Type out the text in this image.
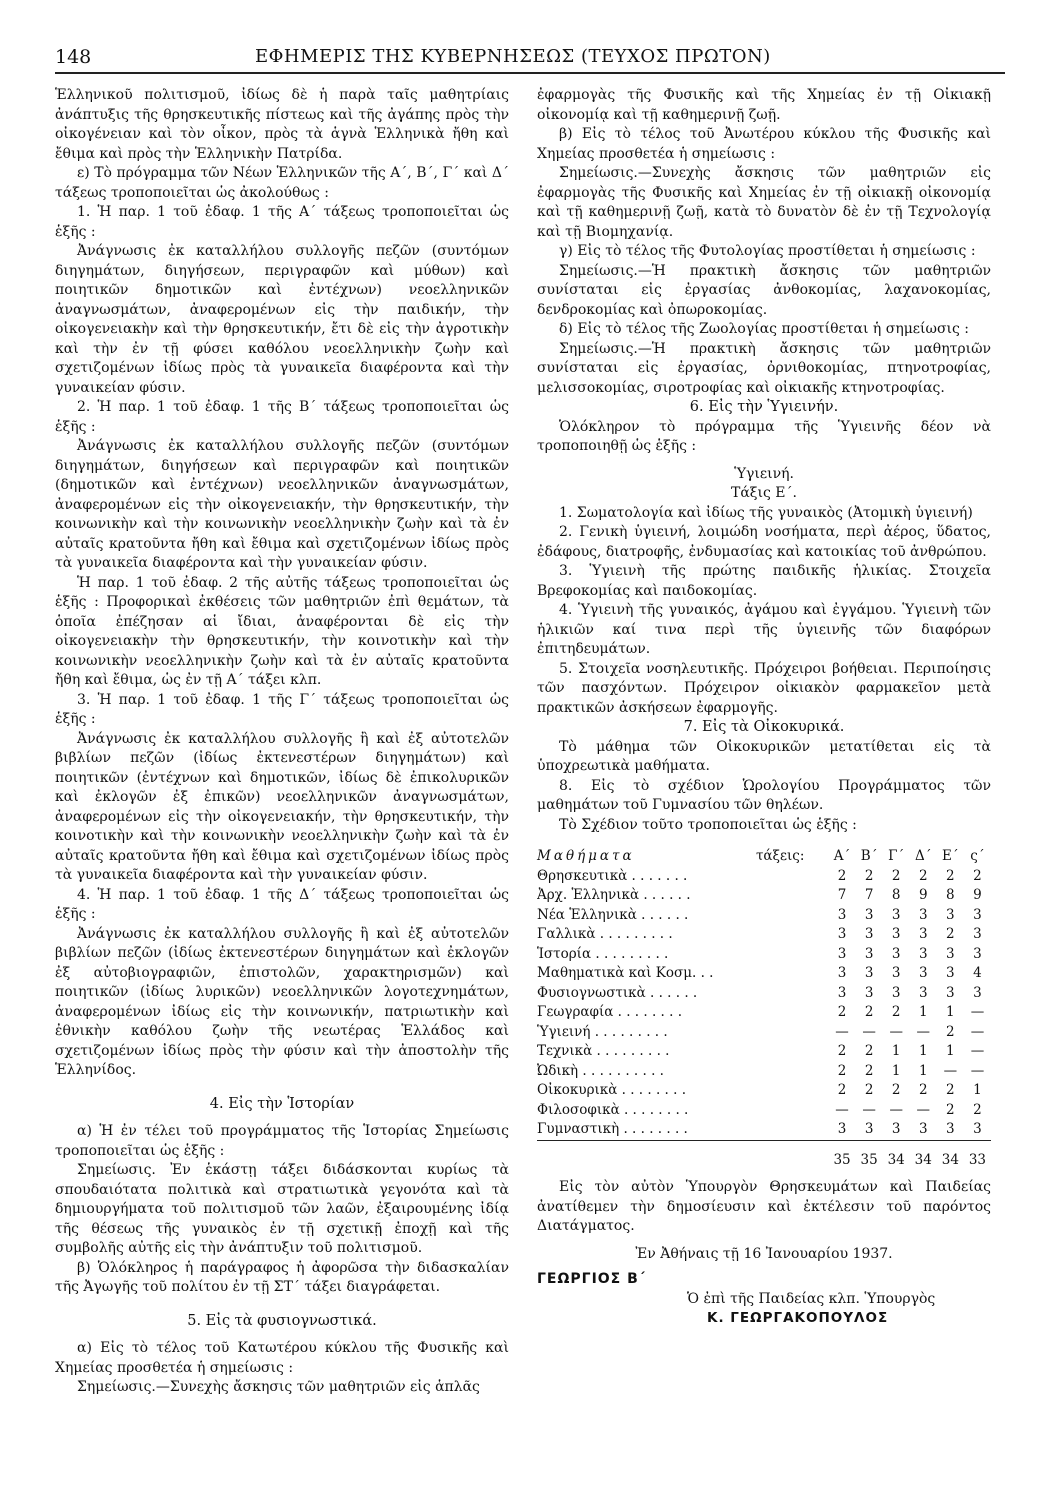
148	ΕΦΗΜΕΡΙΣ ΤΗΣ ΚΥΒΕΡΝΗΣΕΩΣ (ΤΕΥΧΟΣ ΠΡΩΤΟΝ)

Ἑλληνικοῦ πολιτισμοῦ, ἰδίως δὲ ἡ παρὰ ταῖς μαθητρίαις ἀνάπτυξις τῆς θρησκευτικῆς πίστεως καὶ τῆς ἀγάπης πρὸς τὴν οἰκογένειαν καὶ τὸν οἶκον, πρὸς τὰ ἁγνὰ Ἑλληνικὰ ἤθη καὶ ἔθιμα καὶ πρὸς τὴν Ἑλληνικὴν Πατρίδα.

ε) Τὸ πρόγραμμα τῶν Νέων Ἑλληνικῶν τῆς Α΄, Β΄, Γ΄ καὶ Δ΄ τάξεως τροποποιεῖται ὡς ἀκολούθως :

1. Ἡ παρ. 1 τοῦ ἐδαφ. 1 τῆς Α΄ τάξεως τροποποιεῖται ὡς ἑξῆς :

Ἀνάγνωσις ἐκ καταλλήλου συλλογῆς πεζῶν (συντόμων διηγημάτων, διηγήσεων, περιγραφῶν καὶ μύθων) καὶ ποιητικῶν δημοτικῶν καὶ ἐντέχνων) νεοελληνικῶν ἀναγνωσμάτων, ἀναφερομένων εἰς τὴν παιδικήν, τὴν οἰκογενειακὴν καὶ τὴν θρησκευτικήν, ἔτι δὲ εἰς τὴν ἀγροτικὴν καὶ τὴν ἐν τῇ φύσει καθόλου νεοελληνικὴν ζωὴν καὶ σχετιζομένων ἰδίως πρὸς τὰ γυναικεῖα διαφέροντα καὶ τὴν γυναικείαν φύσιν.

2. Ἡ παρ. 1 τοῦ ἐδαφ. 1 τῆς Β΄ τάξεως τροποποιεῖται ὡς ἑξῆς :

Ἀνάγνωσις ἐκ καταλλήλου συλλογῆς πεζῶν (συντόμων διηγημάτων, διηγήσεων καὶ περιγραφῶν καὶ ποιητικῶν (δημοτικῶν καὶ ἐντέχνων) νεοελληνικῶν ἀναγνωσμάτων, ἀναφερομένων εἰς τὴν οἰκογενειακήν, τὴν θρησκευτικήν, τὴν κοινωνικὴν καὶ τὴν κοινωνικὴν νεοελληνικὴν ζωὴν καὶ τὰ ἐν αὐταῖς κρατοῦντα ἤθη καὶ ἔθιμα καὶ σχετιζομένων ἰδίως πρὸς τὰ γυναικεῖα διαφέροντα καὶ τὴν γυναικείαν φύσιν.

Ἡ παρ. 1 τοῦ ἐδαφ. 2 τῆς αὐτῆς τάξεως τροποποιεῖται ὡς ἑξῆς : Προφορικαὶ ἐκθέσεις τῶν μαθητριῶν ἐπὶ θεμάτων, τὰ ὁποῖα ἐπέζησαν αἱ ἴδιαι, ἀναφέρονται δὲ εἰς τὴν οἰκογενειακὴν τὴν θρησκευτικήν, τὴν κοινοτικὴν καὶ τὴν κοινωνικὴν νεοελληνικὴν ζωὴν καὶ τὰ ἐν αὐταῖς κρατοῦντα ἤθη καὶ ἔθιμα, ὡς ἐν τῇ Α΄ τάξει κλπ.

3. Ἡ παρ. 1 τοῦ ἐδαφ. 1 τῆς Γ΄ τάξεως τροποποιεῖται ὡς ἑξῆς :

Ἀνάγνωσις ἐκ καταλλήλου συλλογῆς ἢ καὶ ἐξ αὐτοτελῶν βιβλίων πεζῶν (ἰδίως ἐκτενεστέρων διηγημάτων) καὶ ποιητικῶν (ἐντέχνων καὶ δημοτικῶν, ἰδίως δὲ ἐπικολυρικῶν καὶ ἐκλογῶν ἐξ ἐπικῶν) νεοελληνικῶν ἀναγνωσμάτων, ἀναφερομένων εἰς τὴν οἰκογενειακήν, τὴν θρησκευτικήν, τὴν κοινοτικὴν καὶ τὴν κοινωνικὴν νεοελληνικὴν ζωὴν καὶ τὰ ἐν αὐταῖς κρατοῦντα ἤθη καὶ ἔθιμα καὶ σχετιζομένων ἰδίως πρὸς τὰ γυναικεῖα διαφέροντα καὶ τὴν γυναικείαν φύσιν.

4. Ἡ παρ. 1 τοῦ ἐδαφ. 1 τῆς Δ΄ τάξεως τροποποιεῖται ὡς ἑξῆς :

Ἀνάγνωσις ἐκ καταλλήλου συλλογῆς ἢ καὶ ἐξ αὐτοτελῶν βιβλίων πεζῶν (ἰδίως ἐκτενεστέρων διηγημάτων καὶ ἐκλογῶν ἐξ αὐτοβιογραφιῶν, ἐπιστολῶν, χαρακτηρισμῶν) καὶ ποιητικῶν (ἰδίως λυρικῶν) νεοελληνικῶν λογοτεχνημάτων, ἀναφερομένων ἰδίως εἰς τὴν κοινωνικήν, πατριωτικὴν καὶ ἐθνικὴν καθόλου ζωὴν τῆς νεωτέρας Ἑλλάδος καὶ σχετιζομένων ἰδίως πρὸς τὴν φύσιν καὶ τὴν ἀποστολὴν τῆς Ἑλληνίδος.

4. Εἰς τὴν Ἱστορίαν

α) Ἡ ἐν τέλει τοῦ προγράμματος τῆς Ἱστορίας Σημείωσις τροποποιεῖται ὡς ἑξῆς :

Σημείωσις. Ἐν ἑκάστῃ τάξει διδάσκονται κυρίως τὰ σπουδαιότατα πολιτικὰ καὶ στρατιωτικὰ γεγονότα καὶ τὰ δημιουργήματα τοῦ πολιτισμοῦ τῶν λαῶν, ἐξαιρουμένης ἰδίᾳ τῆς θέσεως τῆς γυναικὸς ἐν τῇ σχετικῇ ἐποχῇ καὶ τῆς συμβολῆς αὐτῆς εἰς τὴν ἀνάπτυξιν τοῦ πολιτισμοῦ.

β) Ὁλόκληρος ἡ παράγραφος ἡ ἀφορῶσα τὴν διδασκαλίαν τῆς Ἀγωγῆς τοῦ πολίτου ἐν τῇ ΣΤ΄ τάξει διαγράφεται.

5. Εἰς τὰ φυσιογνωστικά.

α) Εἰς τὸ τέλος τοῦ Κατωτέρου κύκλου τῆς Φυσικῆς καὶ Χημείας προσθετέα ἡ σημείωσις :

Σημείωσις.—Συνεχὴς ἄσκησις τῶν μαθητριῶν εἰς ἁπλᾶς

ἐφαρμογὰς τῆς Φυσικῆς καὶ τῆς Χημείας ἐν τῇ Οἰκιακῇ οἰκονομίᾳ καὶ τῇ καθημερινῇ ζωῇ.

β) Εἰς τὸ τέλος τοῦ Ἀνωτέρου κύκλου τῆς Φυσικῆς καὶ Χημείας προσθετέα ἡ σημείωσις :

Σημείωσις.—Συνεχὴς ἄσκησις τῶν μαθητριῶν εἰς ἐφαρμογὰς τῆς Φυσικῆς καὶ Χημείας ἐν τῇ οἰκιακῇ οἰκονομίᾳ καὶ τῇ καθημερινῇ ζωῇ, κατὰ τὸ δυνατὸν δὲ ἐν τῇ Τεχνολογίᾳ καὶ τῇ Βιομηχανίᾳ.

γ) Εἰς τὸ τέλος τῆς Φυτολογίας προστίθεται ἡ σημείωσις :

Σημείωσις.—Ἡ πρακτικὴ ἄσκησις τῶν μαθητριῶν συνίσταται εἰς ἐργασίας ἀνθοκομίας, λαχανοκομίας, δενδροκομίας καὶ ὀπωροκομίας.

δ) Εἰς τὸ τέλος τῆς Ζωολογίας προστίθεται ἡ σημείωσις :

Σημείωσις.—Ἡ πρακτικὴ ἄσκησις τῶν μαθητριῶν συνίσταται εἰς ἐργασίας, ὀρνιθοκομίας, πτηνοτροφίας, μελισσοκομίας, σιροτροφίας καὶ οἰκιακῆς κτηνοτροφίας.

6. Εἰς τὴν Ὑγιεινήν.

Ὁλόκληρον τὸ πρόγραμμα τῆς Ὑγιεινῆς δέον νὰ τροποποιηθῇ ὡς ἑξῆς :

Ὑγιεινή.

Τάξις Ε΄.

1. Σωματολογία καὶ ἰδίως τῆς γυναικὸς (Ἀτομικὴ ὑγιεινή)

2. Γενικὴ ὑγιεινή, λοιμώδη νοσήματα, περὶ ἀέρος, ὕδατος, ἐδάφους, διατροφῆς, ἐνδυμασίας καὶ κατοικίας τοῦ ἀνθρώπου.

3. Ὑγιεινὴ τῆς πρώτης παιδικῆς ἡλικίας. Στοιχεῖα Βρεφοκομίας καὶ παιδοκομίας.

4. Ὑγιεινὴ τῆς γυναικός, ἀγάμου καὶ ἐγγάμου. Ὑγιεινὴ τῶν ἡλικιῶν καί τινα περὶ τῆς ὑγιεινῆς τῶν διαφόρων ἐπιτηδευμάτων.

5. Στοιχεῖα νοσηλευτικῆς. Πρόχειροι βοήθειαι. Περιποίησις τῶν πασχόντων. Πρόχειρον οἰκιακὸν φαρμακεῖον μετὰ πρακτικῶν ἀσκήσεων ἐφαρμογῆς.

7. Εἰς τὰ Οἰκοκυρικά.

Τὸ μάθημα τῶν Οἰκοκυρικῶν μετατίθεται εἰς τὰ ὑποχρεωτικὰ μαθήματα.

8. Εἰς τὸ σχέδιον Ὡρολογίου Προγράμματος τῶν μαθημάτων τοῦ Γυμνασίου τῶν θηλέων.

Τὸ Σχέδιον τοῦτο τροποποιεῖται ὡς ἑξῆς :

Μαθήματα	τάξεις:	Α΄	Β΄	Γ΄	Δ΄	Ε΄	ς΄
Θρησκευτικὰ . . . . . . .		2	2	2	2	2	2
Ἀρχ. Ἑλληνικὰ . . . . . .		7	7	8	9	8	9
Νέα Ἑλληνικὰ . . . . . .		3	3	3	3	3	3
Γαλλικὰ . . . . . . . . .		3	3	3	3	2	3
Ἱστορία . . . . . . . . .		3	3	3	3	3	3
Μαθηματικὰ καὶ Κοσμ. . .		3	3	3	3	3	4
Φυσιογνωστικὰ . . . . . .		3	3	3	3	3	3
Γεωγραφία . . . . . . . .		2	2	2	1	1	—
Ὑγιεινή . . . . . . . . .		—	—	—	—	2	—
Τεχνικὰ . . . . . . . . .		2	2	1	1	1	—
Ὠδικὴ . . . . . . . . . .		2	2	1	1	—	—
Οἰκοκυρικὰ . . . . . . . .		2	2	2	2	2	1
Φιλοσοφικὰ . . . . . . . .		—	—	—	—	2	2
Γυμναστικὴ . . . . . . . .		3	3	3	3	3	3
		35	35	34	34	34	33

Εἰς τὸν αὐτὸν Ὑπουργὸν Θρησκευμάτων καὶ Παιδείας ἀνατίθεμεν τὴν δημοσίευσιν καὶ ἐκτέλεσιν τοῦ παρόντος Διατάγματος.

Ἐν Ἀθήναις τῇ 16 Ἰανουαρίου 1937.

ΓΕΩΡΓΙΟΣ Β΄

Ὁ ἐπὶ τῆς Παιδείας κλπ. Ὑπουργὸς

Κ. ΓΕΩΡΓΑΚΟΠΟΥΛΟΣ
